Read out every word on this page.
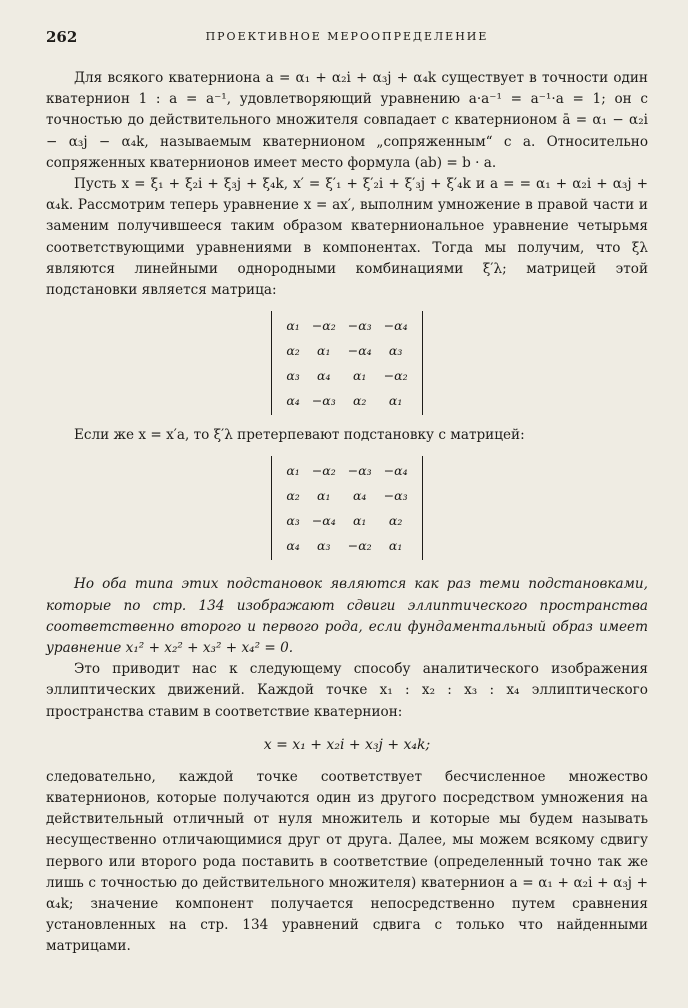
262	ПРОЕКТИВНОЕ МЕРООПРЕДЕЛЕНИЕ

Для всякого кватерниона a = α₁ + α₂i + α₃j + α₄k существует в точности один кватернион 1 : a = a⁻¹, удовлетворяющий уравнению a·a⁻¹ = a⁻¹·a = 1; он с точностью до действительного множителя совпадает с кватернионом ā = α₁ − α₂i − α₃j − α₄k, называемым кватернионом „сопряженным“ с a. Относительно сопряженных кватернионов имеет место формула (ab) = b · a.

Пусть x = ξ₁ + ξ₂i + ξ₃j + ξ₄k, x′ = ξ′₁ + ξ′₂i + ξ′₃j + ξ′₄k и a = = α₁ + α₂i + α₃j + α₄k. Рассмотрим теперь уравнение x = ax′, выполним умножение в правой части и заменим получившееся таким образом кватерниональное уравнение четырьмя соответствующими уравнениями в компонентах. Тогда мы получим, что ξλ являются линейными однородными комбинациями ξ′λ; матрицей этой подстановки является матрица:

α₁	−α₂	−α₃	−α₄
α₂	α₁	−α₄	α₃
α₃	α₄	α₁	−α₂
α₄	−α₃	α₂	α₁

Если же x = x′a, то ξ′λ претерпевают подстановку с матрицей:

α₁	−α₂	−α₃	−α₄
α₂	α₁	α₄	−α₃
α₃	−α₄	α₁	α₂
α₄	α₃	−α₂	α₁

Но оба типа этих подстановок являются как раз теми подстановками, которые по стр. 134 изображают сдвиги эллиптического пространства соответственно второго и первого рода, если фундаментальный образ имеет уравнение x₁² + x₂² + x₃² + x₄² = 0.

Это приводит нас к следующему способу аналитического изображения эллиптических движений. Каждой точке x₁ : x₂ : x₃ : x₄ эллиптического пространства ставим в соответствие кватернион:

x = x₁ + x₂i + x₃j + x₄k;

следовательно, каждой точке соответствует бесчисленное множество кватернионов, которые получаются один из другого посредством умножения на действительный отличный от нуля множитель и которые мы будем называть несущественно отличающимися друг от друга. Далее, мы можем всякому сдвигу первого или второго рода поставить в соответствие (определенный точно так же лишь с точностью до действительного множителя) кватернион a = α₁ + α₂i + α₃j + α₄k; значение компонент получается непосредственно путем сравнения установленных на стр. 134 уравнений сдвига с только что найденными матрицами.
